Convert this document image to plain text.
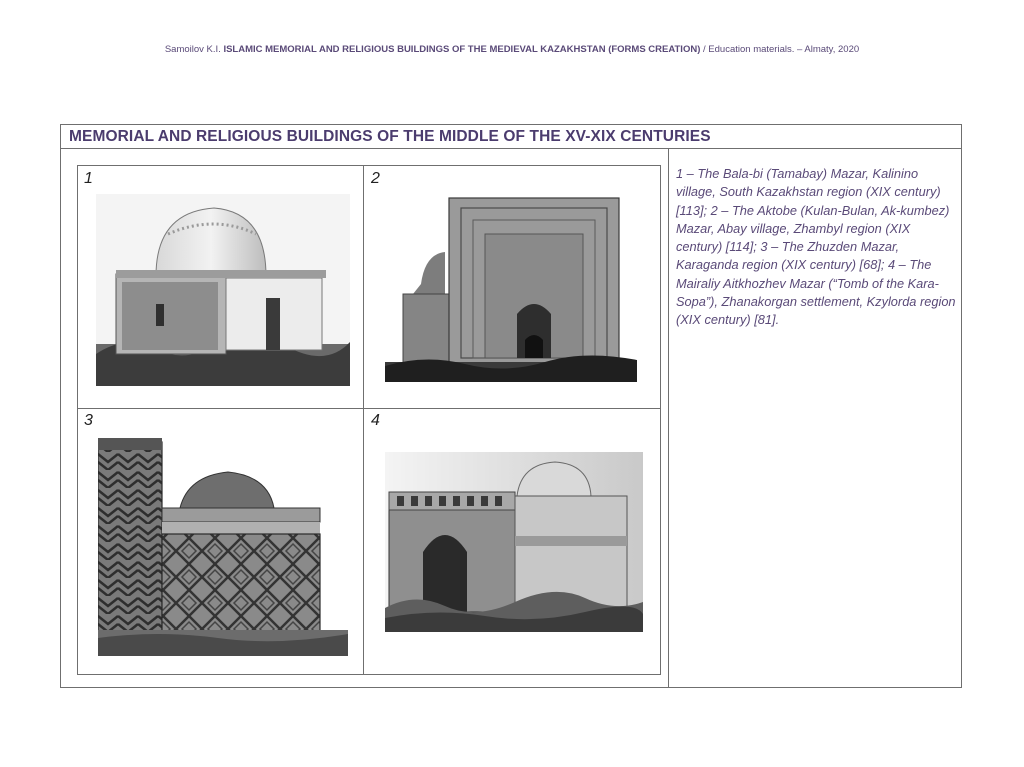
Samoilov K.I. ISLAMIC MEMORIAL AND RELIGIOUS BUILDINGS OF THE MEDIEVAL KAZAKHSTAN (FORMS CREATION) / Education materials. – Almaty, 2020
MEMORIAL AND RELIGIOUS BUILDINGS OF THE MIDDLE OF THE XV-XIX CENTURIES
1	2
3	4
1 – The Bala-bi (Tamabay) Mazar, Kalinino village, South Kazakhstan region (XIX century) [113]; 2 – The Aktobe (Kulan-Bulan, Ak-kumbez) Mazar, Abay village, Zhambyl region (XIX century) [114]; 3 – The Zhuzden Mazar, Karaganda region (XIX century) [68]; 4 – The Mairaliy Aitkhozhev Mazar (“Tomb of the Kara-Sopa”), Zhanakorgan settlement, Kzylorda region (XIX century) [81].
